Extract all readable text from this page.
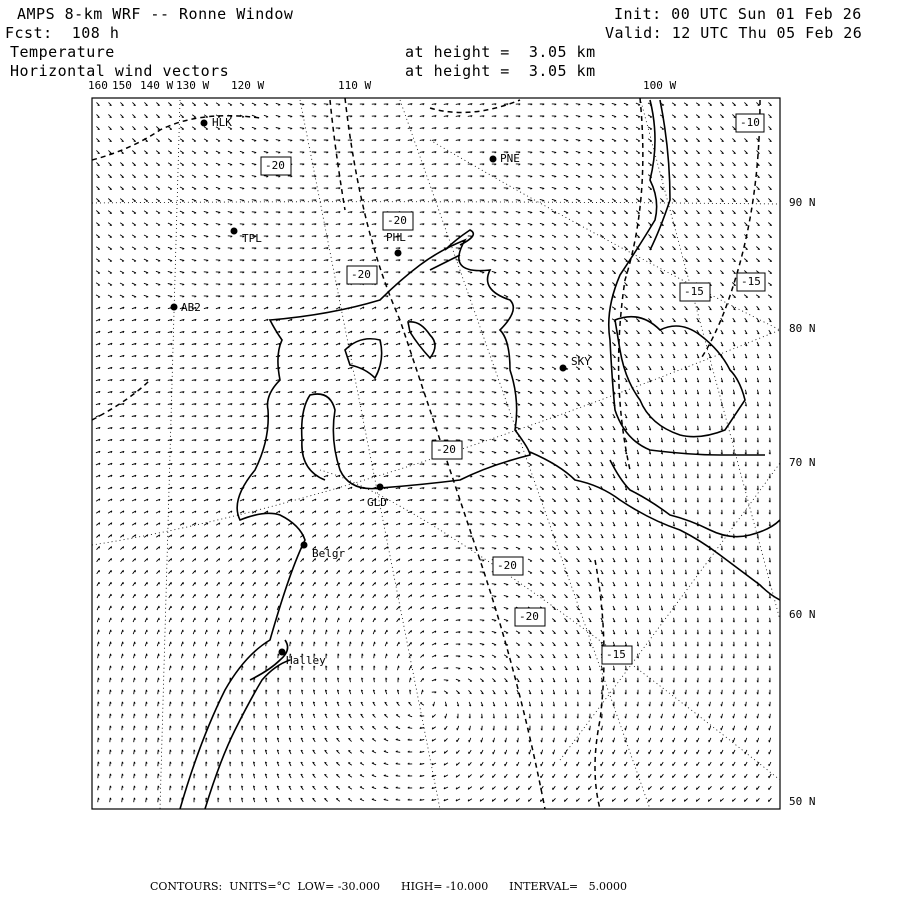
AMPS 8-km WRF -- Ronne Window
Fcst:  108 h
Init: 00 UTC Sun 01 Feb 26
Valid: 12 UTC Thu 05 Feb 26
Temperature
Horizontal wind vectors
at height =  3.05 km
at height =  3.05 km
160 150 140 W 130 W 120 W	110 W	100 W
90 N
80 N
70 N
60 N
50 N
HLK
PNE
TPL	PHL
AB2
SKY
GLD
Belgr
Halley
-10
-20
-20
-20
-15
-15
-20
-20
-20
-15
CONTOURS:  UNITS=°C  LOW= -30.000      HIGH= -10.000      INTERVAL=   5.0000
